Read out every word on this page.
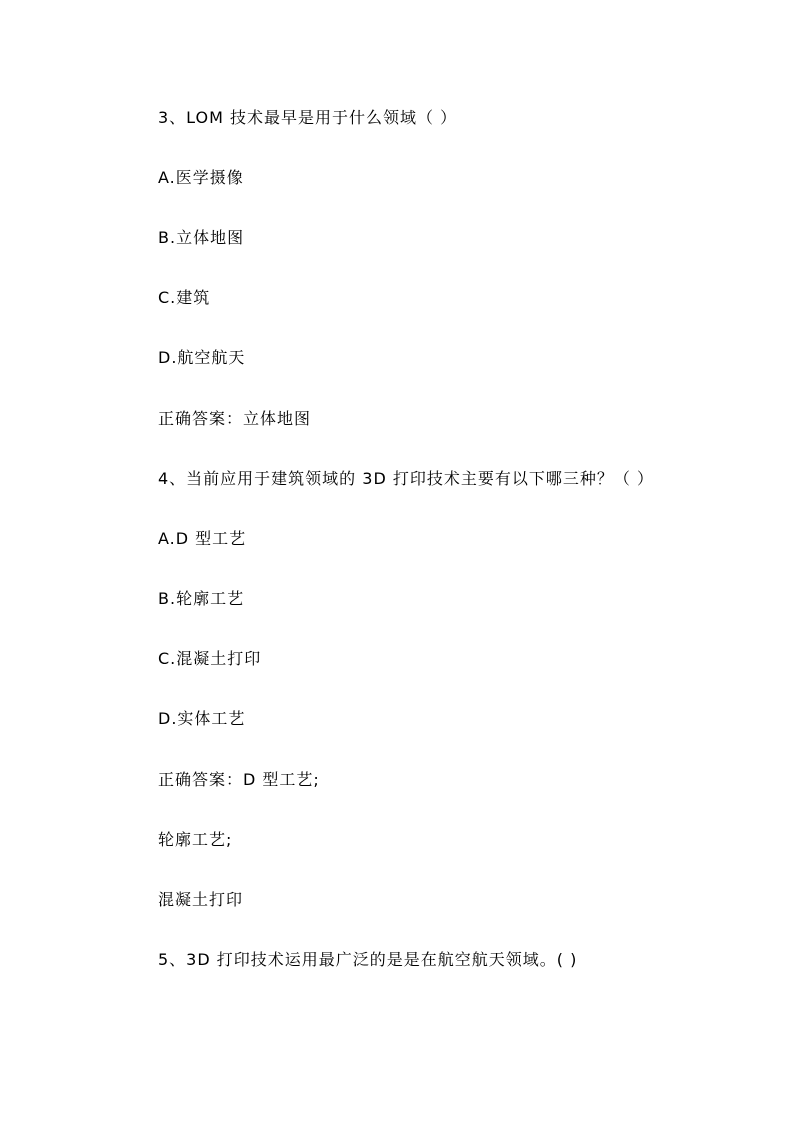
3、LOM 技术最早是用于什么领域（ ）
A.医学摄像
B.立体地图
C.建筑
D.航空航天
正确答案：立体地图
4、当前应用于建筑领域的 3D 打印技术主要有以下哪三种？（ ）
A.D 型工艺
B.轮廓工艺
C.混凝土打印
D.实体工艺
正确答案：D 型工艺;
轮廓工艺;
混凝土打印
5、3D 打印技术运用最广泛的是是在航空航天领域。( )
